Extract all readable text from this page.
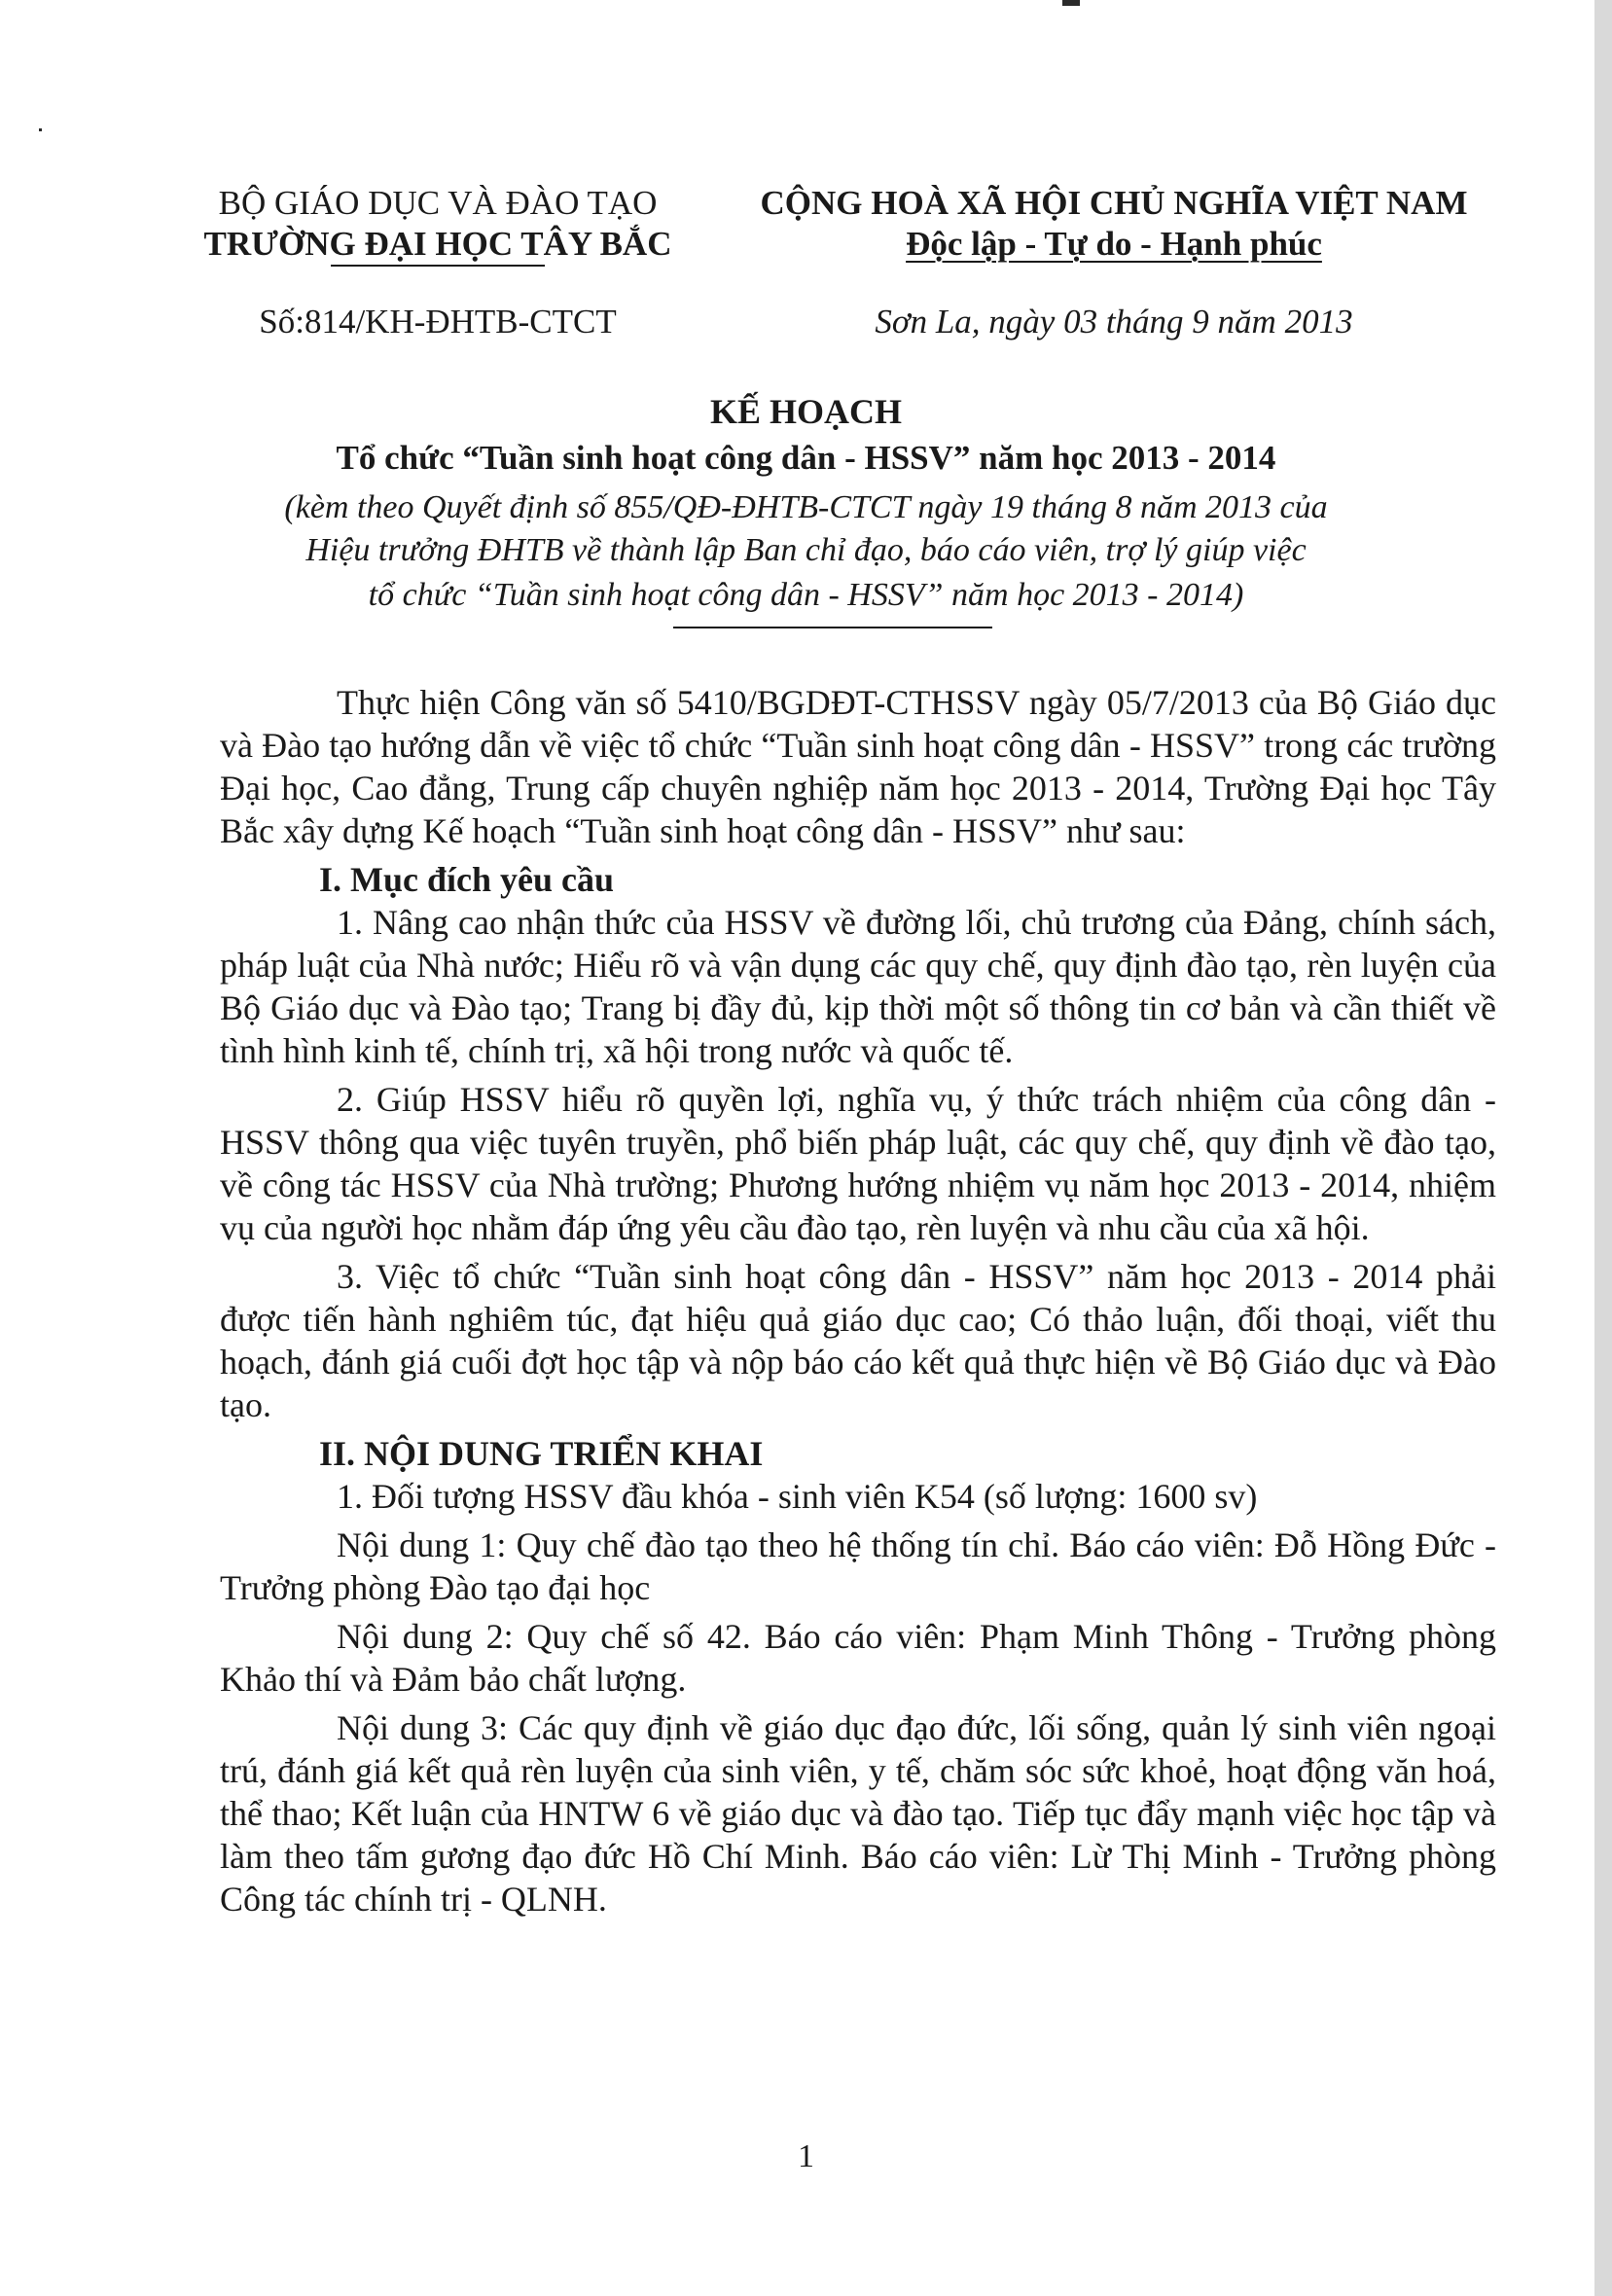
BỘ GIÁO DỤC VÀ ĐÀO TẠO
TRƯỜNG ĐẠI HỌC TÂY BẮC
Số:814/KH-ĐHTB-CTCT
CỘNG HOÀ XÃ HỘI CHỦ NGHĨA VIỆT NAM
Độc lập - Tự do - Hạnh phúc
Sơn La, ngày 03 tháng 9 năm 2013
KẾ HOẠCH
Tổ chức “Tuần sinh hoạt công dân - HSSV” năm học 2013 - 2014
(kèm theo Quyết định số 855/QĐ-ĐHTB-CTCT ngày 19 tháng 8 năm 2013 của
Hiệu trưởng ĐHTB về thành lập Ban chỉ đạo, báo cáo viên, trợ lý giúp việc
tổ chức “Tuần sinh hoạt công dân - HSSV” năm học 2013 - 2014)

Thực hiện Công văn số 5410/BGDĐT-CTHSSV ngày 05/7/2013 của Bộ Giáo dục và Đào tạo hướng dẫn về việc tổ chức “Tuần sinh hoạt công dân - HSSV” trong các trường Đại học, Cao đẳng, Trung cấp chuyên nghiệp năm học 2013 - 2014, Trường Đại học Tây Bắc xây dựng Kế hoạch “Tuần sinh hoạt công dân - HSSV” như sau:

I. Mục đích yêu cầu

1. Nâng cao nhận thức của HSSV về đường lối, chủ trương của Đảng, chính sách, pháp luật của Nhà nước; Hiểu rõ và vận dụng các quy chế, quy định đào tạo, rèn luyện của Bộ Giáo dục và Đào tạo; Trang bị đầy đủ, kịp thời một số thông tin cơ bản và cần thiết về tình hình kinh tế, chính trị, xã hội trong nước và quốc tế.

2. Giúp HSSV hiểu rõ quyền lợi, nghĩa vụ, ý thức trách nhiệm của công dân - HSSV thông qua việc tuyên truyền, phổ biến pháp luật, các quy chế, quy định về đào tạo, về công tác HSSV của Nhà trường; Phương hướng nhiệm vụ năm học 2013 - 2014, nhiệm vụ của người học nhằm đáp ứng yêu cầu đào tạo, rèn luyện và nhu cầu của xã hội.

3. Việc tổ chức “Tuần sinh hoạt công dân - HSSV” năm học 2013 - 2014 phải được tiến hành nghiêm túc, đạt hiệu quả giáo dục cao; Có thảo luận, đối thoại, viết thu hoạch, đánh giá cuối đợt học tập và nộp báo cáo kết quả thực hiện về Bộ Giáo dục và Đào tạo.

II. NỘI DUNG TRIỂN KHAI

1. Đối tượng HSSV đầu khóa - sinh viên K54 (số lượng: 1600 sv)

Nội dung 1: Quy chế đào tạo theo hệ thống tín chỉ. Báo cáo viên: Đỗ Hồng Đức - Trưởng phòng Đào tạo đại học

Nội dung 2: Quy chế số 42. Báo cáo viên: Phạm Minh Thông - Trưởng phòng Khảo thí và Đảm bảo chất lượng.

Nội dung 3: Các quy định về giáo dục đạo đức, lối sống, quản lý sinh viên ngoại trú, đánh giá kết quả rèn luyện của sinh viên, y tế, chăm sóc sức khoẻ, hoạt động văn hoá, thể thao; Kết luận của HNTW 6 về giáo dục và đào tạo. Tiếp tục đẩy mạnh việc học tập và làm theo tấm gương đạo đức Hồ Chí Minh. Báo cáo viên: Lừ Thị Minh - Trưởng phòng Công tác chính trị - QLNH.

1
